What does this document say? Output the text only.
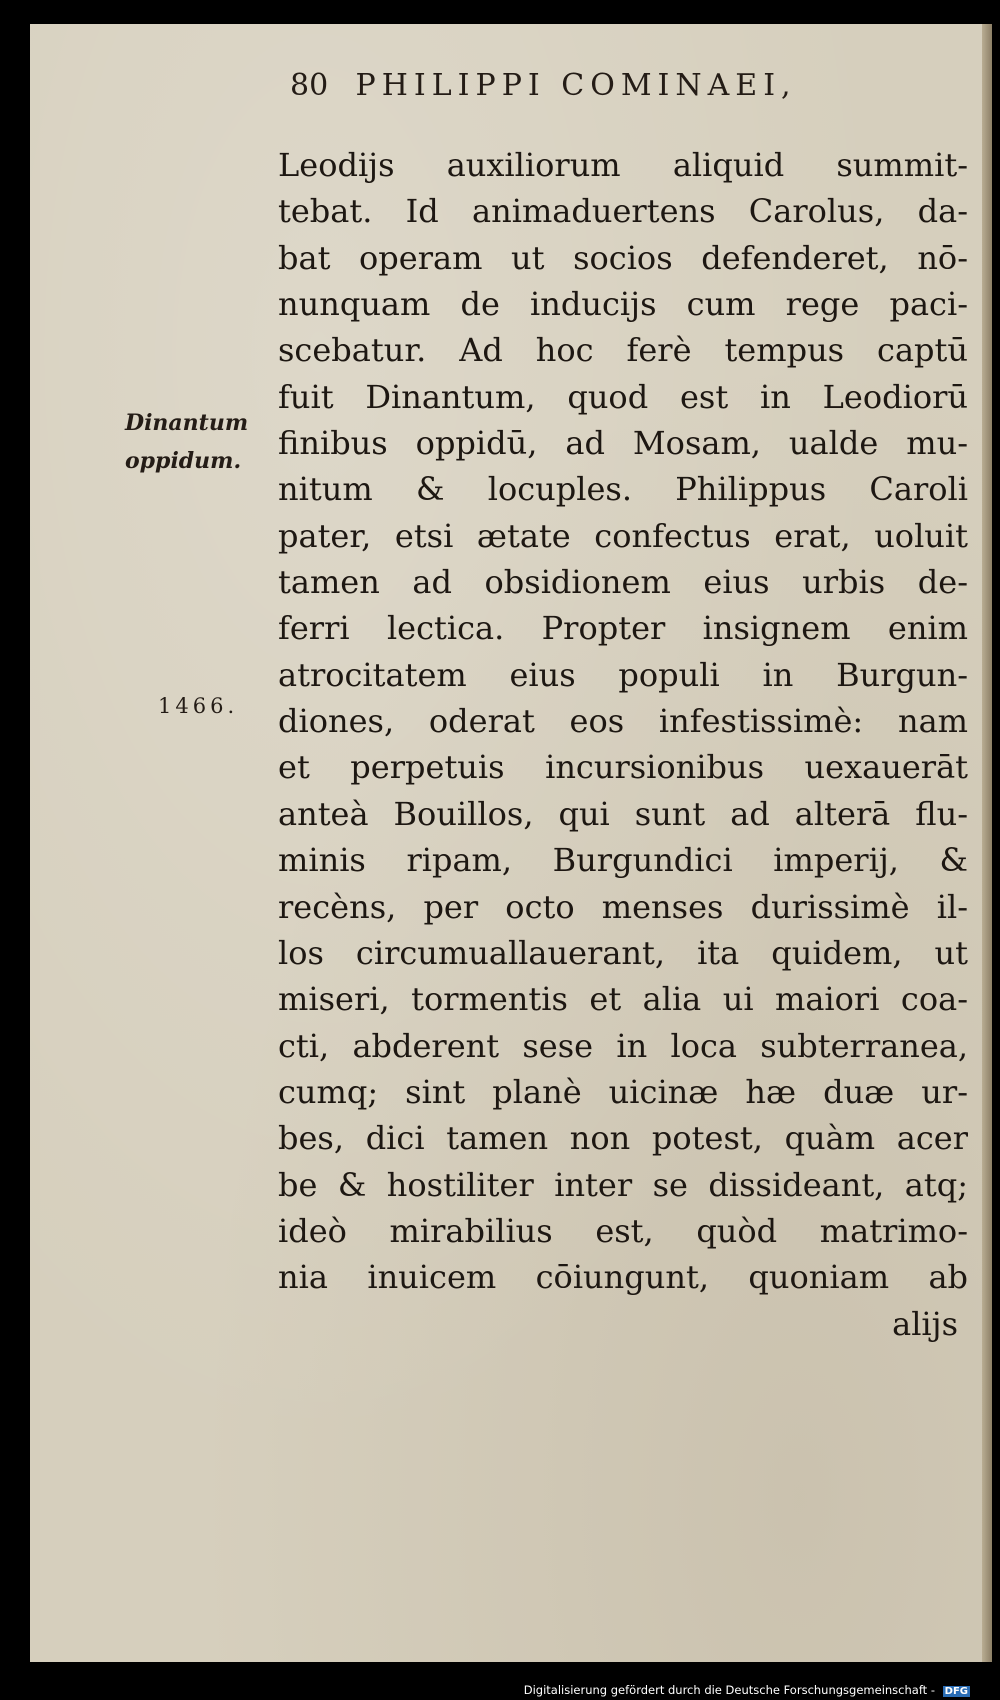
80 PHILIPPI COMINAEI,
Dinantum
oppidum.
1466.
Leodijs auxiliorum aliquid summit-
tebat. Id animaduertens Carolus, da-
bat operam ut socios defenderet, nō-
nunquam de inducijs cum rege paci-
scebatur. Ad hoc ferè tempus captū
fuit Dinantum, quod est in Leodiorū
finibus oppidū, ad Mosam, ualde mu-
nitum & locuples. Philippus Caroli
pater, etsi ætate confectus erat, uoluit
tamen ad obsidionem eius urbis de-
ferri lectica. Propter insignem enim
atrocitatem eius populi in Burgun-
diones, oderat eos infestissimè: nam
et perpetuis incursionibus uexauerāt
anteà Bouillos, qui sunt ad alterā flu-
minis ripam, Burgundici imperij, &
recèns, per octo menses durissimè il-
los circumuallauerant, ita quidem, ut
miseri, tormentis et alia ui maiori coa-
cti, abderent sese in loca subterranea,
cumq; sint planè uicinæ hæ duæ ur-
bes, dici tamen non potest, quàm acer
be & hostiliter inter se dissideant, atq;
ideò mirabilius est, quòd matrimo-
nia inuicem cōiungunt, quoniam ab
alijs
Digitalisierung gefördert durch die Deutsche Forschungsgemeinschaft - DFG
